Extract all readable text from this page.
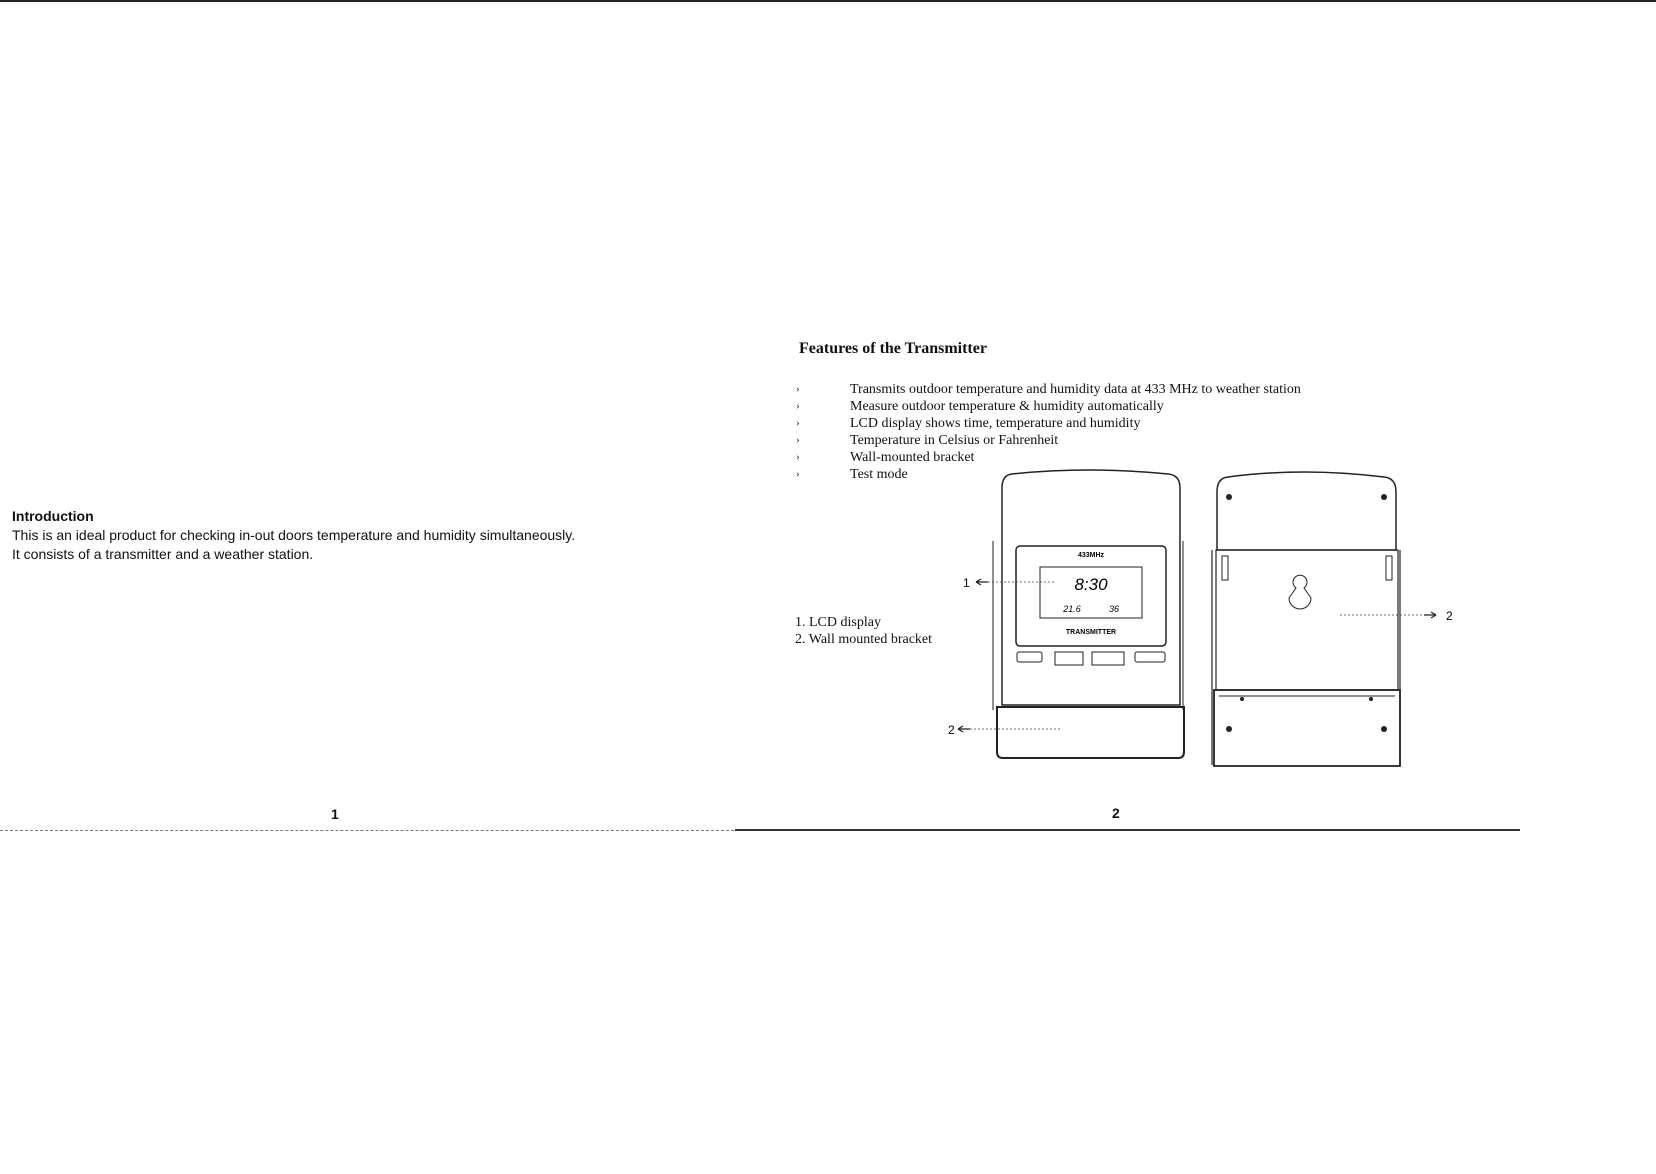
Introduction
This is an ideal product for checking in-out doors temperature and humidity simultaneously.
It consists of a transmitter and a weather station.
1
Features of the Transmitter
›	Transmits outdoor temperature and humidity data at 433 MHz to weather station
›	Measure outdoor temperature & humidity automatically
›	LCD display shows time, temperature and humidity
›	Temperature in Celsius or Fahrenheit
›	Wall-mounted bracket
›	Test mode
1. LCD display
2. Wall mounted bracket
2
433MHz
8:30
21.6	36
TRANSMITTER
1
2
2
